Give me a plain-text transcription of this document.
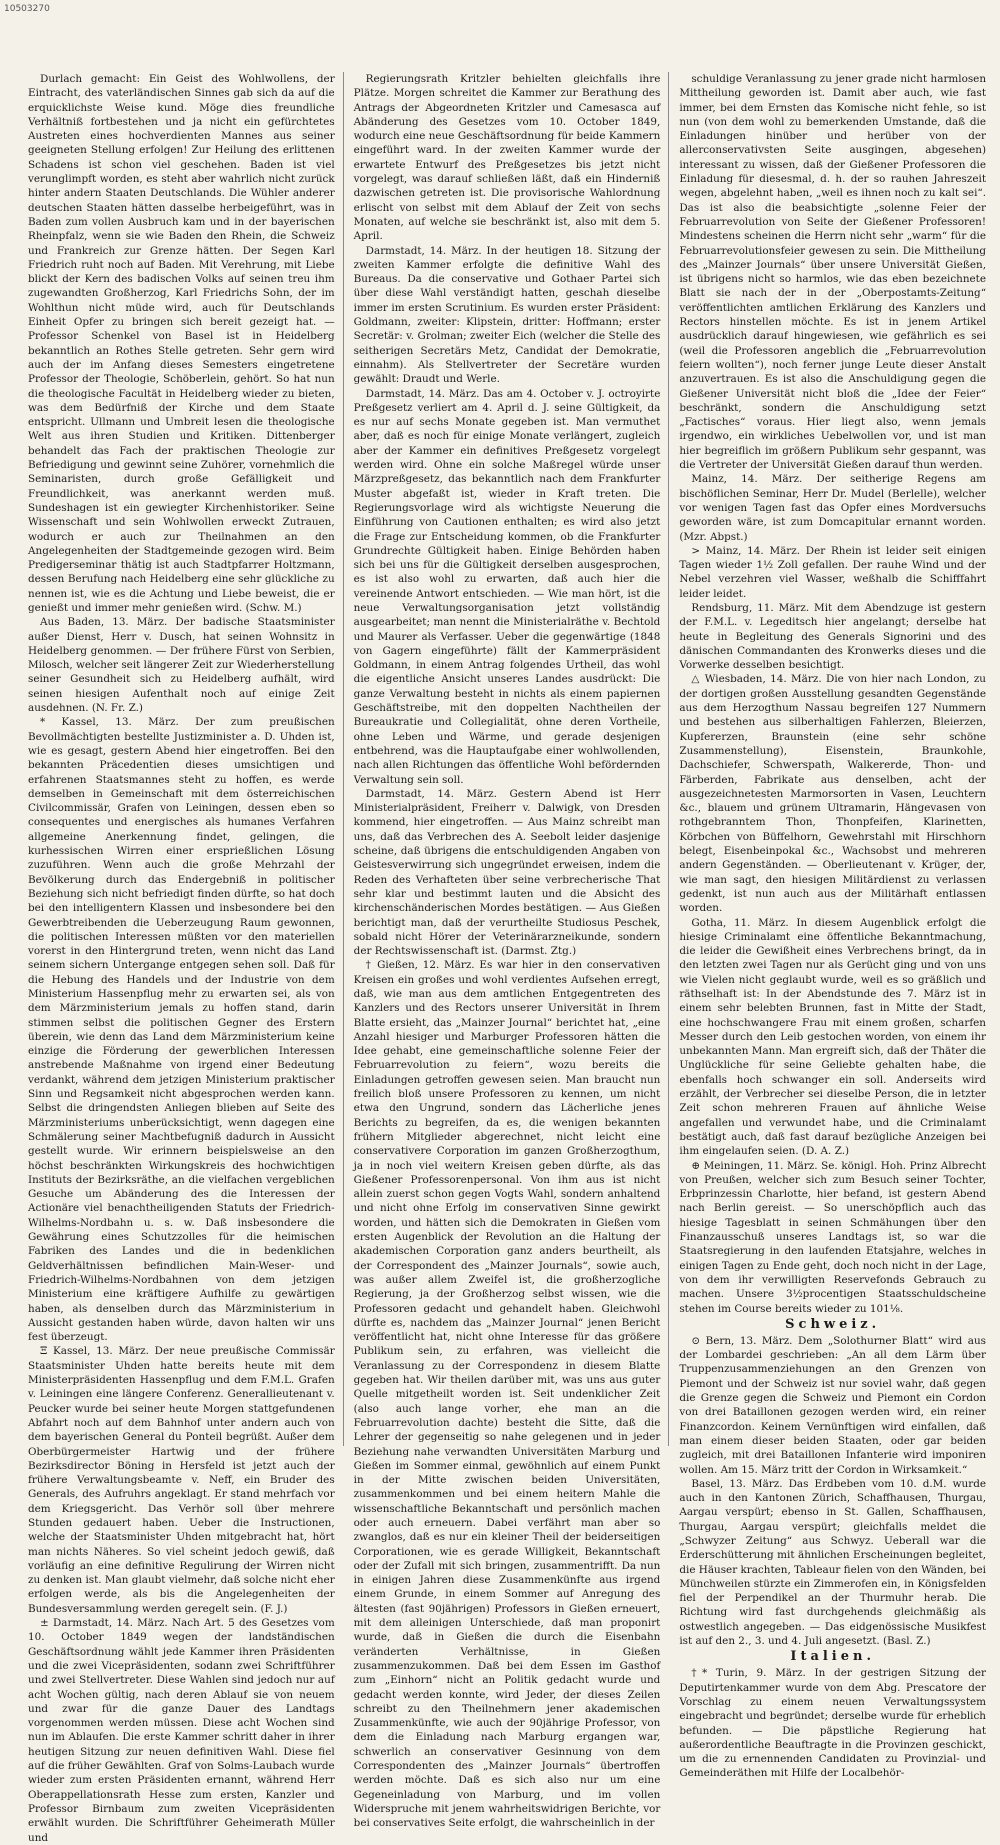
10503270

Durlach gemacht: Ein Geist des Wohlwollens, der Eintracht, des vaterländischen Sinnes gab sich da auf die erquicklichste Weise kund. Möge dies freundliche Verhältniß fortbestehen und ja nicht ein gefürchtetes Austreten eines hochverdienten Mannes aus seiner geeigneten Stellung erfolgen! Zur Heilung des erlittenen Schadens ist schon viel geschehen. Baden ist viel verunglimpft worden, es steht aber wahrlich nicht zurück hinter andern Staaten Deutschlands. Die Wühler anderer deutschen Staaten hätten dasselbe herbeigeführt, was in Baden zum vollen Ausbruch kam und in der bayerischen Rheinpfalz, wenn sie wie Baden den Rhein, die Schweiz und Frankreich zur Grenze hätten. Der Segen Karl Friedrich ruht noch auf Baden. Mit Verehrung, mit Liebe blickt der Kern des badischen Volks auf seinen treu ihm zugewandten Großherzog, Karl Friedrichs Sohn, der im Wohlthun nicht müde wird, auch für Deutschlands Einheit Opfer zu bringen sich bereit gezeigt hat. — Professor Schenkel von Basel ist in Heidelberg bekanntlich an Rothes Stelle getreten. Sehr gern wird auch der im Anfang dieses Semesters eingetretene Professor der Theologie, Schöberlein, gehört. So hat nun die theologische Facultät in Heidelberg wieder zu bieten, was dem Bedürfniß der Kirche und dem Staate entspricht. Ullmann und Umbreit lesen die theologische Welt aus ihren Studien und Kritiken. Dittenberger behandelt das Fach der praktischen Theologie zur Befriedigung und gewinnt seine Zuhörer, vornehmlich die Seminaristen, durch große Gefälligkeit und Freundlichkeit, was anerkannt werden muß. Sundeshagen ist ein gewiegter Kirchenhistoriker. Seine Wissenschaft und sein Wohlwollen erweckt Zutrauen, wodurch er auch zur Theilnahmen an den Angelegenheiten der Stadtgemeinde gezogen wird. Beim Predigerseminar thätig ist auch Stadtpfarrer Holtzmann, dessen Berufung nach Heidelberg eine sehr glückliche zu nennen ist, wie es die Achtung und Liebe beweist, die er genießt und immer mehr genießen wird. (Schw. M.)

Aus Baden, 13. März. Der badische Staatsminister außer Dienst, Herr v. Dusch, hat seinen Wohnsitz in Heidelberg genommen. — Der frühere Fürst von Serbien, Milosch, welcher seit längerer Zeit zur Wiederherstellung seiner Gesundheit sich zu Heidelberg aufhält, wird seinen hiesigen Aufenthalt noch auf einige Zeit ausdehnen. (N. Fr. Z.)

* Kassel, 13. März. Der zum preußischen Bevollmächtigten bestellte Justizminister a. D. Uhden ist, wie es gesagt, gestern Abend hier eingetroffen. Bei den bekannten Präcedentien dieses umsichtigen und erfahrenen Staatsmannes steht zu hoffen, es werde demselben in Gemeinschaft mit dem österreichischen Civilcommissär, Grafen von Leiningen, dessen eben so consequentes und energisches als humanes Verfahren allgemeine Anerkennung findet, gelingen, die kurhessischen Wirren einer ersprießlichen Lösung zuzuführen. Wenn auch die große Mehrzahl der Bevölkerung durch das Endergebniß in politischer Beziehung sich nicht befriedigt finden dürfte, so hat doch bei den intelligentern Klassen und insbesondere bei den Gewerbtreibenden die Ueberzeugung Raum gewonnen, die politischen Interessen müßten vor den materiellen vorerst in den Hintergrund treten, wenn nicht das Land seinem sichern Untergange entgegen sehen soll. Daß für die Hebung des Handels und der Industrie von dem Ministerium Hassenpflug mehr zu erwarten sei, als von dem Märzministerium jemals zu hoffen stand, darin stimmen selbst die politischen Gegner des Erstern überein, wie denn das Land dem Märzministerium keine einzige die Förderung der gewerblichen Interessen anstrebende Maßnahme von irgend einer Bedeutung verdankt, während dem jetzigen Ministerium praktischer Sinn und Regsamkeit nicht abgesprochen werden kann. Selbst die dringendsten Anliegen blieben auf Seite des Märzministeriums unberücksichtigt, wenn dagegen eine Schmälerung seiner Machtbefugniß dadurch in Aussicht gestellt wurde. Wir erinnern beispielsweise an den höchst beschränkten Wirkungskreis des hochwichtigen Instituts der Bezirksräthe, an die vielfachen vergeblichen Gesuche um Abänderung des die Interessen der Actionäre viel benachtheiligenden Statuts der Friedrich-Wilhelms-Nordbahn u. s. w. Daß insbesondere die Gewährung eines Schutzzolles für die heimischen Fabriken des Landes und die in bedenklichen Geldverhältnissen befindlichen Main-Weser- und Friedrich-Wilhelms-Nordbahnen von dem jetzigen Ministerium eine kräftigere Aufhilfe zu gewärtigen haben, als denselben durch das Märzministerium in Aussicht gestanden haben würde, davon halten wir uns fest überzeugt.

Ξ Kassel, 13. März. Der neue preußische Commissär Staatsminister Uhden hatte bereits heute mit dem Ministerpräsidenten Hassenpflug und dem F.M.L. Grafen v. Leiningen eine längere Conferenz. Generallieutenant v. Peucker wurde bei seiner heute Morgen stattgefundenen Abfahrt noch auf dem Bahnhof unter andern auch von dem bayerischen General du Ponteil begrüßt. Außer dem Oberbürgermeister Hartwig und der frühere Bezirksdirector Böning in Hersfeld ist jetzt auch der frühere Verwaltungsbeamte v. Neff, ein Bruder des Generals, des Aufruhrs angeklagt. Er stand mehrfach vor dem Kriegsgericht. Das Verhör soll über mehrere Stunden gedauert haben. Ueber die Instructionen, welche der Staatsminister Uhden mitgebracht hat, hört man nichts Näheres. So viel scheint jedoch gewiß, daß vorläufig an eine definitive Regulirung der Wirren nicht zu denken ist. Man glaubt vielmehr, daß solche nicht eher erfolgen werde, als bis die Angelegenheiten der Bundesversammlung werden geregelt sein. (F. J.)

± Darmstadt, 14. März. Nach Art. 5 des Gesetzes vom 10. October 1849 wegen der landständischen Geschäftsordnung wählt jede Kammer ihren Präsidenten und die zwei Vicepräsidenten, sodann zwei Schriftführer und zwei Stellvertreter. Diese Wahlen sind jedoch nur auf acht Wochen gültig, nach deren Ablauf sie von neuem und zwar für die ganze Dauer des Landtags vorgenommen werden müssen. Diese acht Wochen sind nun im Ablaufen. Die erste Kammer schritt daher in ihrer heutigen Sitzung zur neuen definitiven Wahl. Diese fiel auf die früher Gewählten. Graf von Solms-Laubach wurde wieder zum ersten Präsidenten ernannt, während Herr Oberappellationsrath Hesse zum ersten, Kanzler und Professor Birnbaum zum zweiten Vicepräsidenten erwählt wurden. Die Schriftführer Geheimerath Müller und

Regierungsrath Kritzler behielten gleichfalls ihre Plätze. Morgen schreitet die Kammer zur Berathung des Antrags der Abgeordneten Kritzler und Camesasca auf Abänderung des Gesetzes vom 10. October 1849, wodurch eine neue Geschäftsordnung für beide Kammern eingeführt ward. In der zweiten Kammer wurde der erwartete Entwurf des Preßgesetzes bis jetzt nicht vorgelegt, was darauf schließen läßt, daß ein Hinderniß dazwischen getreten ist. Die provisorische Wahlordnung erlischt von selbst mit dem Ablauf der Zeit von sechs Monaten, auf welche sie beschränkt ist, also mit dem 5. April.

Darmstadt, 14. März. In der heutigen 18. Sitzung der zweiten Kammer erfolgte die definitive Wahl des Bureaus. Da die conservative und Gothaer Partei sich über diese Wahl verständigt hatten, geschah dieselbe immer im ersten Scrutinium. Es wurden erster Präsident: Goldmann, zweiter: Klipstein, dritter: Hoffmann; erster Secretär: v. Grolman; zweiter Eich (welcher die Stelle des seitherigen Secretärs Metz, Candidat der Demokratie, einnahm). Als Stellvertreter der Secretäre wurden gewählt: Draudt und Werle.

Darmstadt, 14. März. Das am 4. October v. J. octroyirte Preßgesetz verliert am 4. April d. J. seine Gültigkeit, da es nur auf sechs Monate gegeben ist. Man vermuthet aber, daß es noch für einige Monate verlängert, zugleich aber der Kammer ein definitives Preßgesetz vorgelegt werden wird. Ohne ein solche Maßregel würde unser Märzpreßgesetz, das bekanntlich nach dem Frankfurter Muster abgefaßt ist, wieder in Kraft treten. Die Regierungsvorlage wird als wichtigste Neuerung die Einführung von Cautionen enthalten; es wird also jetzt die Frage zur Entscheidung kommen, ob die Frankfurter Grundrechte Gültigkeit haben. Einige Behörden haben sich bei uns für die Gültigkeit derselben ausgesprochen, es ist also wohl zu erwarten, daß auch hier die vereinende Antwort entschieden. — Wie man hört, ist die neue Verwaltungsorganisation jetzt vollständig ausgearbeitet; man nennt die Ministerialräthe v. Bechtold und Maurer als Verfasser. Ueber die gegenwärtige (1848 von Gagern eingeführte) fällt der Kammerpräsident Goldmann, in einem Antrag folgendes Urtheil, das wohl die eigentliche Ansicht unseres Landes ausdrückt: Die ganze Verwaltung besteht in nichts als einem papiernen Geschäftstreibe, mit den doppelten Nachtheilen der Bureaukratie und Collegialität, ohne deren Vortheile, ohne Leben und Wärme, und gerade desjenigen entbehrend, was die Hauptaufgabe einer wohlwollenden, nach allen Richtungen das öffentliche Wohl befördernden Verwaltung sein soll.

Darmstadt, 14. März. Gestern Abend ist Herr Ministerialpräsident, Freiherr v. Dalwigk, von Dresden kommend, hier eingetroffen. — Aus Mainz schreibt man uns, daß das Verbrechen des A. Seebolt leider dasjenige scheine, daß übrigens die entschuldigenden Angaben von Geistesverwirrung sich ungegründet erweisen, indem die Reden des Verhafteten über seine verbrecherische That sehr klar und bestimmt lauten und die Absicht des kirchenschänderischen Mordes bestätigen. — Aus Gießen berichtigt man, daß der verurtheilte Studiosus Peschek, sobald nicht Hörer der Veterinärarzneikunde, sondern der Rechtswissenschaft ist. (Darmst. Ztg.)

† Gießen, 12. März. Es war hier in den conservativen Kreisen ein großes und wohl verdientes Aufsehen erregt, daß, wie man aus dem amtlichen Entgegentreten des Kanzlers und des Rectors unserer Universität in Ihrem Blatte ersieht, das „Mainzer Journal“ berichtet hat, „eine Anzahl hiesiger und Marburger Professoren hätten die Idee gehabt, eine gemeinschaftliche solenne Feier der Februarrevolution zu feiern“, wozu bereits die Einladungen getroffen gewesen seien. Man braucht nun freilich bloß unsere Professoren zu kennen, um nicht etwa den Ungrund, sondern das Lächerliche jenes Berichts zu begreifen, da es, die wenigen bekannten frühern Mitglieder abgerechnet, nicht leicht eine conservativere Corporation im ganzen Großherzogthum, ja in noch viel weitern Kreisen geben dürfte, als das Gießener Professorenpersonal. Von ihm aus ist nicht allein zuerst schon gegen Vogts Wahl, sondern anhaltend und nicht ohne Erfolg im conservativen Sinne gewirkt worden, und hätten sich die Demokraten in Gießen vom ersten Augenblick der Revolution an die Haltung der akademischen Corporation ganz anders beurtheilt, als der Correspondent des „Mainzer Journals“, sowie auch, was außer allem Zweifel ist, die großherzogliche Regierung, ja der Großherzog selbst wissen, wie die Professoren gedacht und gehandelt haben. Gleichwohl dürfte es, nachdem das „Mainzer Journal“ jenen Bericht veröffentlicht hat, nicht ohne Interesse für das größere Publikum sein, zu erfahren, was vielleicht die Veranlassung zu der Correspondenz in diesem Blatte gegeben hat. Wir theilen darüber mit, was uns aus guter Quelle mitgetheilt worden ist. Seit undenklicher Zeit (also auch lange vorher, ehe man an die Februarrevolution dachte) besteht die Sitte, daß die Lehrer der gegenseitig so nahe gelegenen und in jeder Beziehung nahe verwandten Universitäten Marburg und Gießen im Sommer einmal, gewöhnlich auf einem Punkt in der Mitte zwischen beiden Universitäten, zusammenkommen und bei einem heitern Mahle die wissenschaftliche Bekanntschaft und persönlich machen oder auch erneuern. Dabei verfährt man aber so zwanglos, daß es nur ein kleiner Theil der beiderseitigen Corporationen, wie es gerade Willigkeit, Bekanntschaft oder der Zufall mit sich bringen, zusammentrifft. Da nun in einigen Jahren diese Zusammenkünfte aus irgend einem Grunde, in einem Sommer auf Anregung des ältesten (fast 90jährigen) Professors in Gießen erneuert, mit dem alleinigen Unterschiede, daß man proponirt wurde, daß in Gießen die durch die Eisenbahn veränderten Verhältnisse, in Gießen zusammenzukommen. Daß bei dem Essen im Gasthof zum „Einhorn“ nicht an Politik gedacht wurde und gedacht werden konnte, wird Jeder, der dieses Zeilen schreibt zu den Theilnehmern jener akademischen Zusammenkünfte, wie auch der 90jährige Professor, von dem die Einladung nach Marburg ergangen war, schwerlich an conservativer Gesinnung von dem Correspondenten des „Mainzer Journals“ übertroffen werden möchte. Daß es sich also nur um eine Gegeneinladung von Marburg, und im vollen Widerspruche mit jenem wahrheitswidrigen Berichte, vor bei conservatives Seite erfolgt, die wahrscheinlich in der

schuldige Veranlassung zu jener grade nicht harmlosen Mittheilung geworden ist. Damit aber auch, wie fast immer, bei dem Ernsten das Komische nicht fehle, so ist nun (von dem wohl zu bemerkenden Umstande, daß die Einladungen hinüber und herüber von der allerconservativsten Seite ausgingen, abgesehen) interessant zu wissen, daß der Gießener Professoren die Einladung für diesesmal, d. h. der so rauhen Jahreszeit wegen, abgelehnt haben, „weil es ihnen noch zu kalt sei“. Das ist also die beabsichtigte „solenne Feier der Februarrevolution von Seite der Gießener Professoren! Mindestens scheinen die Herrn nicht sehr „warm“ für die Februarrevolutionsfeier gewesen zu sein. Die Mittheilung des „Mainzer Journals“ über unsere Universität Gießen, ist übrigens nicht so harmlos, wie das eben bezeichnete Blatt sie nach der in der „Oberpostamts-Zeitung“ veröffentlichten amtlichen Erklärung des Kanzlers und Rectors hinstellen möchte. Es ist in jenem Artikel ausdrücklich darauf hingewiesen, wie gefährlich es sei (weil die Professoren angeblich die „Februarrevolution feiern wollten“), noch ferner junge Leute dieser Anstalt anzuvertrauen. Es ist also die Anschuldigung gegen die Gießener Universität nicht bloß die „Idee der Feier“ beschränkt, sondern die Anschuldigung setzt „Factisches“ voraus. Hier liegt also, wenn jemals irgendwo, ein wirkliches Uebelwollen vor, und ist man hier begreiflich im größern Publikum sehr gespannt, was die Vertreter der Universität Gießen darauf thun werden.

Mainz, 14. März. Der seitherige Regens am bischöflichen Seminar, Herr Dr. Mudel (Berlelle), welcher vor wenigen Tagen fast das Opfer eines Mordversuchs geworden wäre, ist zum Domcapitular ernannt worden. (Mzr. Abpst.)

> Mainz, 14. März. Der Rhein ist leider seit einigen Tagen wieder 1½ Zoll gefallen. Der rauhe Wind und der Nebel verzehren viel Wasser, weßhalb die Schifffahrt leider leidet.

Rendsburg, 11. März. Mit dem Abendzuge ist gestern der F.M.L. v. Legeditsch hier angelangt; derselbe hat heute in Begleitung des Generals Signorini und des dänischen Commandanten des Kronwerks dieses und die Vorwerke desselben besichtigt.

△ Wiesbaden, 14. März. Die von hier nach London, zu der dortigen großen Ausstellung gesandten Gegenstände aus dem Herzogthum Nassau begreifen 127 Nummern und bestehen aus silberhaltigen Fahlerzen, Bleierzen, Kupfererzen, Braunstein (eine sehr schöne Zusammenstellung), Eisenstein, Braunkohle, Dachschiefer, Schwerspath, Walkererde, Thon- und Färberden, Fabrikate aus denselben, acht der ausgezeichnetesten Marmorsorten in Vasen, Leuchtern &c., blauem und grünem Ultramarin, Hängevasen von rothgebranntem Thon, Thonpfeifen, Klarinetten, Körbchen von Büffelhorn, Gewehrstahl mit Hirschhorn belegt, Eisenbeinpokal &c., Wachsobst und mehreren andern Gegenständen. — Oberlieutenant v. Krüger, der, wie man sagt, den hiesigen Militärdienst zu verlassen gedenkt, ist nun auch aus der Militärhaft entlassen worden.

Gotha, 11. März. In diesem Augenblick erfolgt die hiesige Criminalamt eine öffentliche Bekanntmachung, die leider die Gewißheit eines Verbrechens bringt, da in den letzten zwei Tagen nur als Gerücht ging und von uns wie Vielen nicht geglaubt wurde, weil es so gräßlich und räthselhaft ist: In der Abendstunde des 7. März ist in einem sehr belebten Brunnen, fast in Mitte der Stadt, eine hochschwangere Frau mit einem großen, scharfen Messer durch den Leib gestochen worden, von einem ihr unbekannten Mann. Man ergreift sich, daß der Thäter die Unglückliche für seine Geliebte gehalten habe, die ebenfalls hoch schwanger ein soll. Anderseits wird erzählt, der Verbrecher sei dieselbe Person, die in letzter Zeit schon mehreren Frauen auf ähnliche Weise angefallen und verwundet habe, und die Criminalamt bestätigt auch, daß fast darauf bezügliche Anzeigen bei ihm eingelaufen seien. (D. A. Z.)

⊕ Meiningen, 11. März. Se. königl. Hoh. Prinz Albrecht von Preußen, welcher sich zum Besuch seiner Tochter, Erbprinzessin Charlotte, hier befand, ist gestern Abend nach Berlin gereist. — So unerschöpflich auch das hiesige Tagesblatt in seinen Schmähungen über den Finanzausschuß unseres Landtags ist, so war die Staatsregierung in den laufenden Etatsjahre, welches in einigen Tagen zu Ende geht, doch noch nicht in der Lage, von dem ihr verwilligten Reservefonds Gebrauch zu machen. Unsere 3½procentigen Staatsschuldscheine stehen im Course bereits wieder zu 101⅛.

Schweiz.

⊙ Bern, 13. März. Dem „Solothurner Blatt“ wird aus der Lombardei geschrieben: „An all dem Lärm über Truppenzusammenziehungen an den Grenzen von Piemont und der Schweiz ist nur soviel wahr, daß gegen die Grenze gegen die Schweiz und Piemont ein Cordon von drei Bataillonen gezogen werden wird, ein reiner Finanzcordon. Keinem Vernünftigen wird einfallen, daß man einem dieser beiden Staaten, oder gar beiden zugleich, mit drei Bataillonen Infanterie wird imponiren wollen. Am 15. März tritt der Cordon in Wirksamkeit.“

Basel, 13. März. Das Erdbeben vom 10. d.M. wurde auch in den Kantonen Zürich, Schaffhausen, Thurgau, Aargau verspürt; ebenso in St. Gallen, Schaffhausen, Thurgau, Aargau verspürt; gleichfalls meldet die „Schwyzer Zeitung“ aus Schwyz. Ueberall war die Erderschütterung mit ähnlichen Erscheinungen begleitet, die Häuser krachten, Tableaur fielen von den Wänden, bei Münchweilen stürzte ein Zimmerofen ein, in Königsfelden fiel der Perpendikel an der Thurmuhr herab. Die Richtung wird fast durchgehends gleichmäßig als ostwestlich angegeben. — Das eidgenössische Musikfest ist auf den 2., 3. und 4. Juli angesetzt. (Basl. Z.)

Italien.

†* Turin, 9. März. In der gestrigen Sitzung der Deputirtenkammer wurde von dem Abg. Prescatore der Vorschlag zu einem neuen Verwaltungssystem eingebracht und begründet; derselbe wurde für erheblich befunden. — Die päpstliche Regierung hat außerordentliche Beauftragte in die Provinzen geschickt, um die zu ernennenden Candidaten zu Provinzial- und Gemeinderäthen mit Hilfe der Localbehör-
